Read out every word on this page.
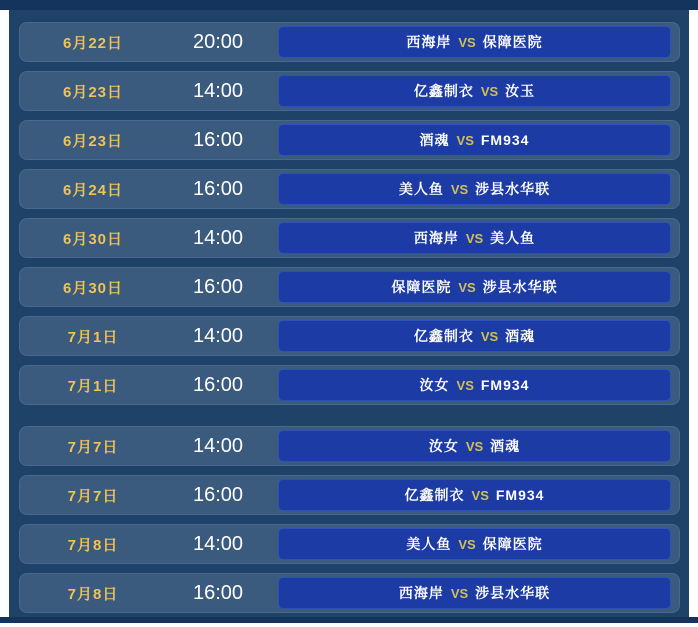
6月22日	20:00	西海岸 VS 保障医院
6月23日	14:00	亿鑫制衣 VS 汝玉
6月23日	16:00	酒魂 VS FM934
6月24日	16:00	美人鱼 VS 涉县水华联
6月30日	14:00	西海岸 VS 美人鱼
6月30日	16:00	保障医院 VS 涉县水华联
7月1日	14:00	亿鑫制衣 VS 酒魂
7月1日	16:00	汝女 VS FM934
7月7日	14:00	汝女 VS 酒魂
7月7日	16:00	亿鑫制衣 VS FM934
7月8日	14:00	美人鱼 VS 保障医院
7月8日	16:00	西海岸 VS 涉县水华联
